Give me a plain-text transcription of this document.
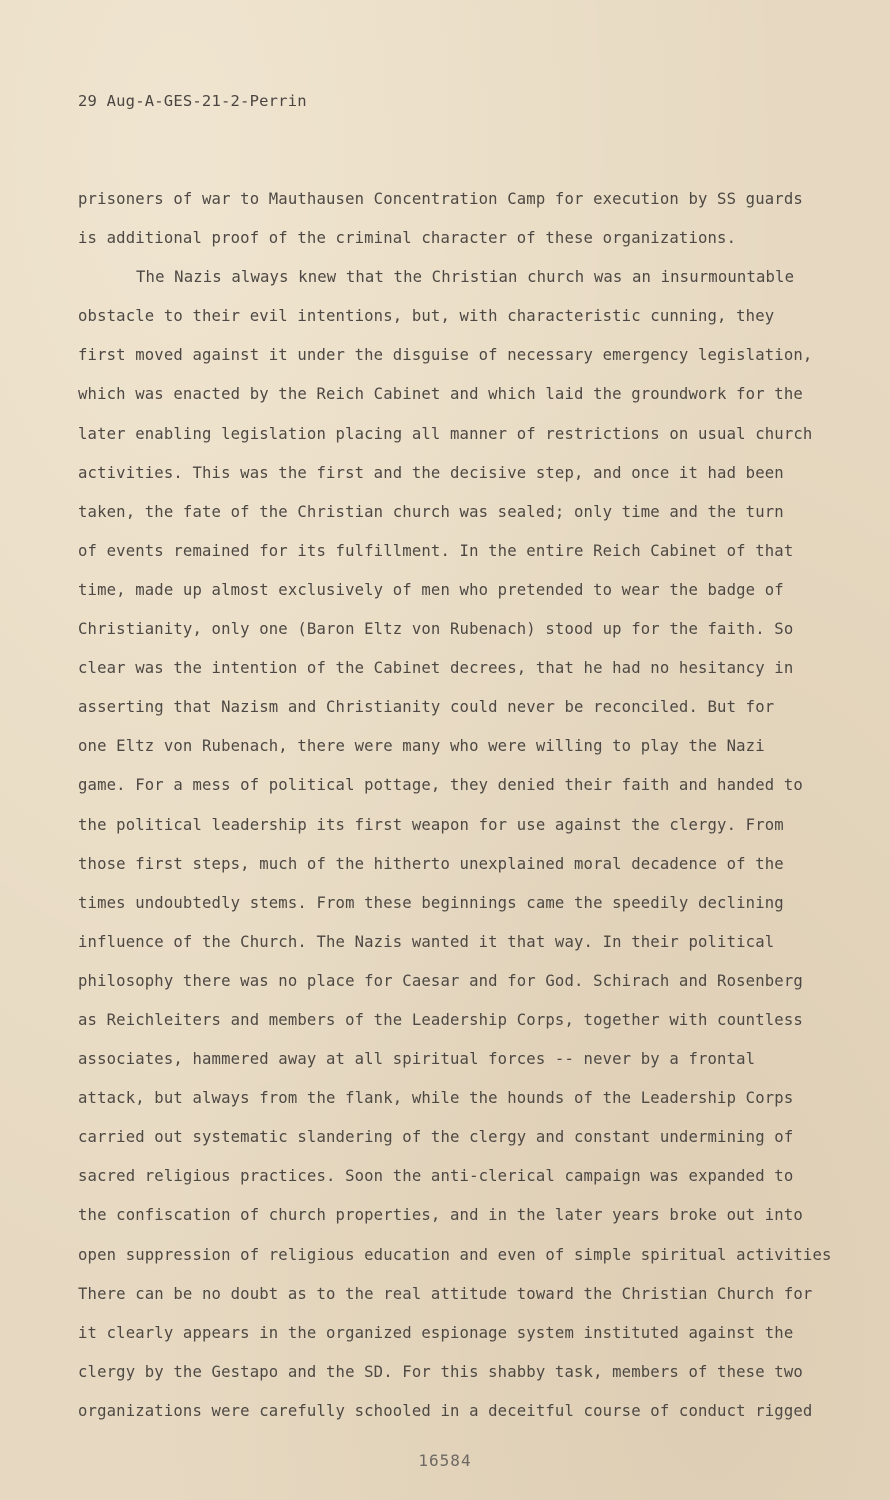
29 Aug-A-GES-21-2-Perrin
prisoners of war to Mauthausen Concentration Camp for execution by SS guards
is additional proof of the criminal character of these organizations.
The Nazis always knew that the Christian church was an insurmountable
obstacle to their evil intentions, but, with characteristic cunning, they
first moved against it under the disguise of necessary emergency legislation,
which was enacted by the Reich Cabinet and which laid the groundwork for the
later enabling legislation placing all manner of restrictions on usual church
activities. This was the first and the decisive step, and once it had been
taken, the fate of the Christian church was sealed; only time and the turn
of events remained for its fulfillment. In the entire Reich Cabinet of that
time, made up almost exclusively of men who pretended to wear the badge of
Christianity, only one (Baron Eltz von Rubenach) stood up for the faith. So
clear was the intention of the Cabinet decrees, that he had no hesitancy in
asserting that Nazism and Christianity could never be reconciled. But for
one Eltz von Rubenach, there were many who were willing to play the Nazi
game. For a mess of political pottage, they denied their faith and handed to
the political leadership its first weapon for use against the clergy. From
those first steps, much of the hitherto unexplained moral decadence of the
times undoubtedly stems. From these beginnings came the speedily declining
influence of the Church. The Nazis wanted it that way. In their political
philosophy there was no place for Caesar and for God. Schirach and Rosenberg
as Reichleiters and members of the Leadership Corps, together with countless
associates, hammered away at all spiritual forces -- never by a frontal
attack, but always from the flank, while the hounds of the Leadership Corps
carried out systematic slandering of the clergy and constant undermining of
sacred religious practices. Soon the anti-clerical campaign was expanded to
the confiscation of church properties, and in the later years broke out into
open suppression of religious education and even of simple spiritual activities
There can be no doubt as to the real attitude toward the Christian Church for
it clearly appears in the organized espionage system instituted against the
clergy by the Gestapo and the SD. For this shabby task, members of these two
organizations were carefully schooled in a deceitful course of conduct rigged
16584
